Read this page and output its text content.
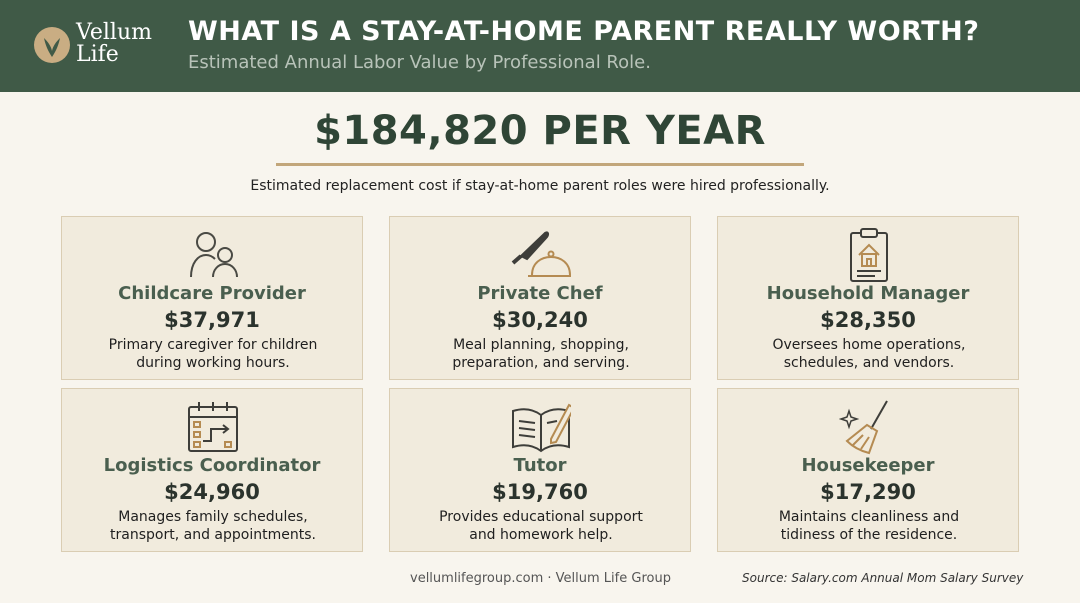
Vellum
Life
WHAT IS A STAY-AT-HOME PARENT REALLY WORTH?
Estimated Annual Labor Value by Professional Role.
$184,820 PER YEAR
Estimated replacement cost if stay-at-home parent roles were hired professionally.
Childcare Provider
$37,971
Primary caregiver for children
during working hours.
Private Chef
$30,240
Meal planning, shopping,
preparation, and serving.
Household Manager
$28,350
Oversees home operations,
schedules, and vendors.
Logistics Coordinator
$24,960
Manages family schedules,
transport, and appointments.
Tutor
$19,760
Provides educational support
and homework help.
Housekeeper
$17,290
Maintains cleanliness and
tidiness of the residence.
vellumlifegroup.com · Vellum Life Group	Source: Salary.com Annual Mom Salary Survey
